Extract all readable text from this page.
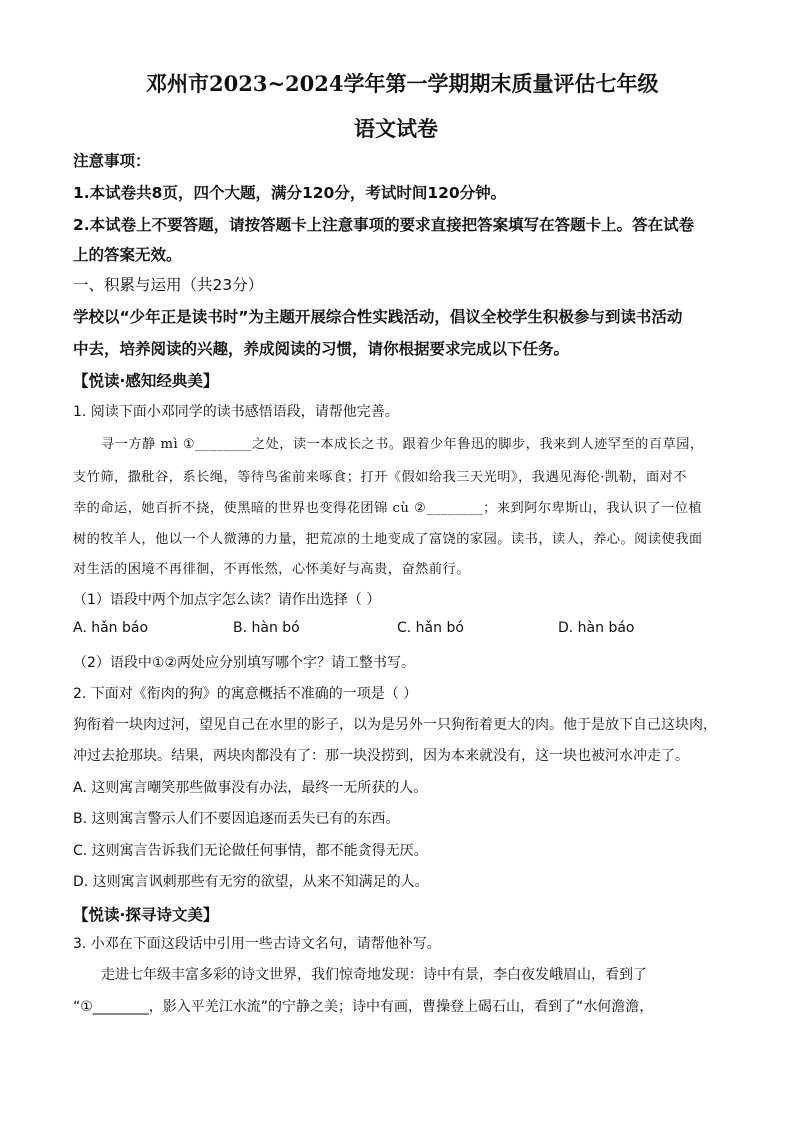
邓州市2023~2024学年第一学期期末质量评估七年级
语文试卷
注意事项：
1.本试卷共8页，四个大题，满分120分，考试时间120分钟。
2.本试卷上不要答题，请按答题卡上注意事项的要求直接把答案填写在答题卡上。答在试卷
上的答案无效。
一、积累与运用（共23分）
学校以“少年正是读书时”为主题开展综合性实践活动，倡议全校学生积极参与到读书活动
中去，培养阅读的兴趣，养成阅读的习惯，请你根据要求完成以下任务。
【悦读·感知经典美】
1. 阅读下面小邓同学的读书感悟语段，请帮他完善。
寻一方静 mì ①________之处，读一本成长之书。跟着少年鲁迅的脚步，我来到人迹罕至的百草园，
支竹筛，撒秕谷，系长绳，等待鸟雀前来啄食；打开《假如给我三天光明》，我遇见海伦·凯勒，面对不
幸的命运，她百折不挠，使黑暗的世界也变得花团锦 cù ②________；来到阿尔卑斯山，我认识了一位植
树的牧羊人，他以一个人微薄的力量，把荒凉的土地变成了富饶的家园。读书，读人，养心。阅读使我面
对生活的困境不再徘徊，不再怅然，心怀美好与高贵，奋然前行。
（1）语段中两个加点字怎么读？请作出选择（ ）
A. hǎn báo	B. hàn bó	C. hǎn bó	D. hàn báo
（2）语段中①②两处应分别填写哪个字？请工整书写。
2. 下面对《衔肉的狗》的寓意概括不准确的一项是（ ）
狗衔着一块肉过河，望见自己在水里的影子，以为是另外一只狗衔着更大的肉。他于是放下自己这块肉，
冲过去抢那块。结果，两块肉都没有了：那一块没捞到，因为本来就没有，这一块也被河水冲走了。
A. 这则寓言嘲笑那些做事没有办法，最终一无所获的人。
B. 这则寓言警示人们不要因追逐而丢失已有的东西。
C. 这则寓言告诉我们无论做任何事情，都不能贪得无厌。
D. 这则寓言讽刺那些有无穷的欲望，从来不知满足的人。
【悦读·探寻诗文美】
3. 小邓在下面这段话中引用一些古诗文名句，请帮他补写。
走进七年级丰富多彩的诗文世界，我们惊奇地发现：诗中有景，李白夜发峨眉山，看到了
“①________，影入平羌江水流”的宁静之美；诗中有画，曹操登上碣石山，看到了“水何澹澹，
